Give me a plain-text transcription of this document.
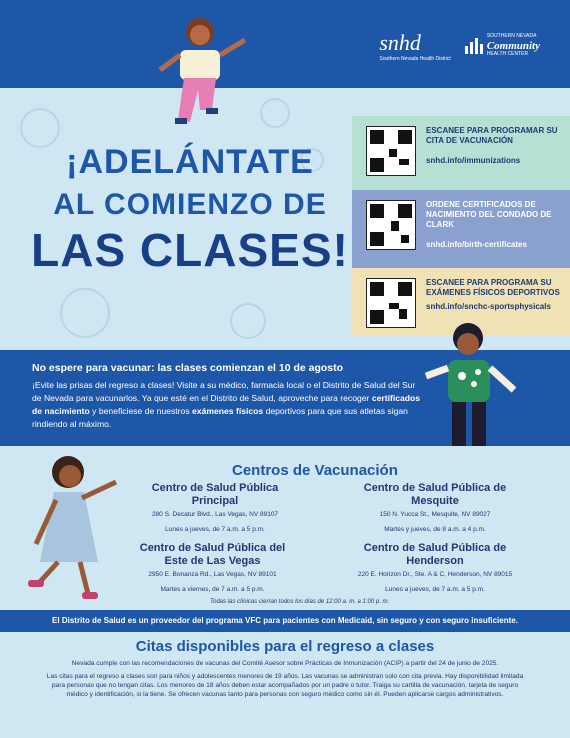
snhd
Southern Nevada Health District
SOUTHERN NEVADA
Community
HEALTH CENTER
¡ADELÁNTATE
AL COMIENZO DE
LAS CLASES!
ESCANEE PARA PROGRAMAR SU CITA DE VACUNACIÓN
snhd.info/immunizations
ORDENE CERTIFICADOS DE NACIMIENTO DEL CONDADO DE CLARK
snhd.info/birth-certificates
ESCANEE PARA PROGRAMA SU EXÁMENES FÍSICOS DEPORTIVOS
snhd.info/snchc-sportsphysicals
No espere para vacunar: las clases comienzan el 10 de agosto
¡Evite las prisas del regreso a clases! Visite a su médico, farmacia local o el Distrito de Salud del Sur de Nevada para vacunarlos. Ya que esté en el Distrito de Salud, aproveche para recoger certificados de nacimiento y beneficiese de nuestros exámenes físicos deportivos para que sus atletas sigan rindiendo al máximo.
Centros de Vacunación
Centro de Salud Pública Principal
280 S. Decatur Blvd., Las Vegas, NV 89107
Lunes a jueves, de 7 a.m. a 5 p.m.
Centro de Salud Pública de Mesquite
150 N. Yucca St., Mesquite, NV 89027
Martes y jueves, de 8 a.m. a 4 p.m.
Centro de Salud Pública del Este de Las Vegas
2950 E. Bonanza Rd., Las Vegas, NV 89101
Martes a viernes, de 7 a.m. a 5 p.m.
Centro de Salud Pública de Henderson
220 E. Horizon Dr., Ste. A & C, Henderson, NV 89015
Lunes a jueves, de 7 a.m. a 5 p.m.
Todas las clínicas cierran todos los días de 12:00 a. m. a 1:00 p. m.
El Distrito de Salud es un proveedor del programa VFC para pacientes con Medicaid, sin seguro y con seguro insuficiente.
Citas disponibles para el regreso a clases
Nevada cumple con las recomendaciones de vacunas del Comité Asesor sobre Prácticas de Inmunización (ACIP) a partir del 24 de junio de 2025.
Las citas para el regreso a clases son para niños y adolescentes menores de 19 años. Las vacunas se administran solo con cita previa. Hay disponibilidad limitada para personas que no tengan citas. Los menores de 18 años deben estar acompañados por un padre o tutor. Traiga su cartilla de vacunación, tarjeta de seguro médico y identificación, si la tiene. Se ofrecen vacunas tanto para personas con seguro médico como sin él. Pueden aplicarse cargos administrativos.
